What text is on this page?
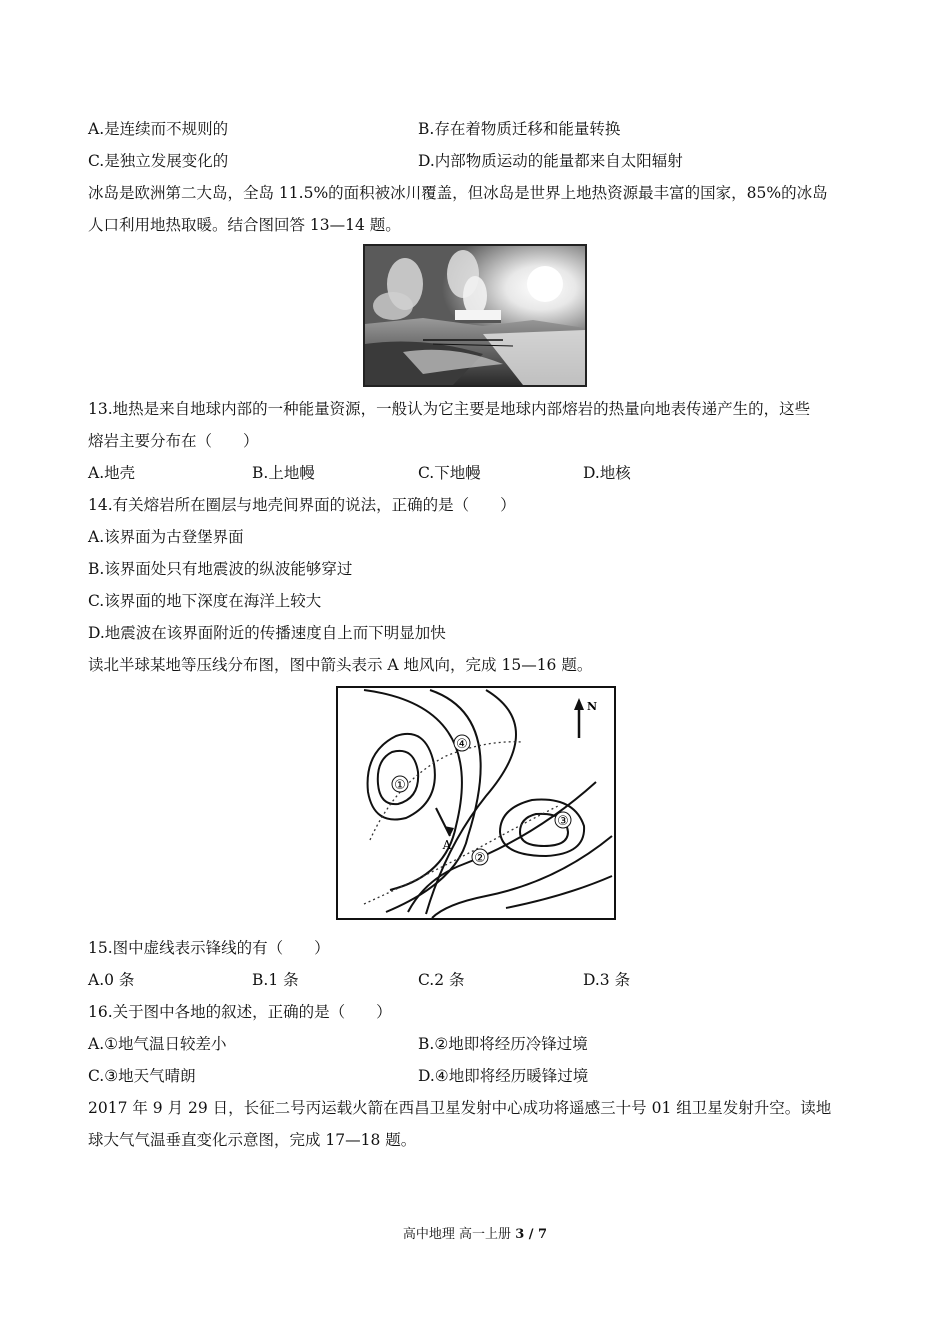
A.是连续而不规则的	B.存在着物质迁移和能量转换
C.是独立发展变化的	D.内部物质运动的能量都来自太阳辐射
冰岛是欧洲第二大岛，全岛 11.5%的面积被冰川覆盖，但冰岛是世界上地热资源最丰富的国家，85%的冰岛
人口利用地热取暖。结合图回答 13—14 题。
13.地热是来自地球内部的一种能量资源，一般认为它主要是地球内部熔岩的热量向地表传递产生的，这些
熔岩主要分布在（　　）
A.地壳	B.上地幔	C.下地幔	D.地核
14.有关熔岩所在圈层与地壳间界面的说法，正确的是（　　）
A.该界面为古登堡界面
B.该界面处只有地震波的纵波能够穿过
C.该界面的地下深度在海洋上较大
D.地震波在该界面附近的传播速度自上而下明显加快
读北半球某地等压线分布图，图中箭头表示 A 地风向，完成 15—16 题。
①
④
②
③
A
N
15.图中虚线表示锋线的有（　　）
A.0 条	B.1 条	C.2 条	D.3 条
16.关于图中各地的叙述，正确的是（　　）
A.①地气温日较差小	B.②地即将经历冷锋过境
C.③地天气晴朗	D.④地即将经历暖锋过境
2017 年 9 月 29 日，长征二号丙运载火箭在西昌卫星发射中心成功将遥感三十号 01 组卫星发射升空。读地
球大气气温垂直变化示意图，完成 17—18 题。
高中地理 高一上册 3 / 7
